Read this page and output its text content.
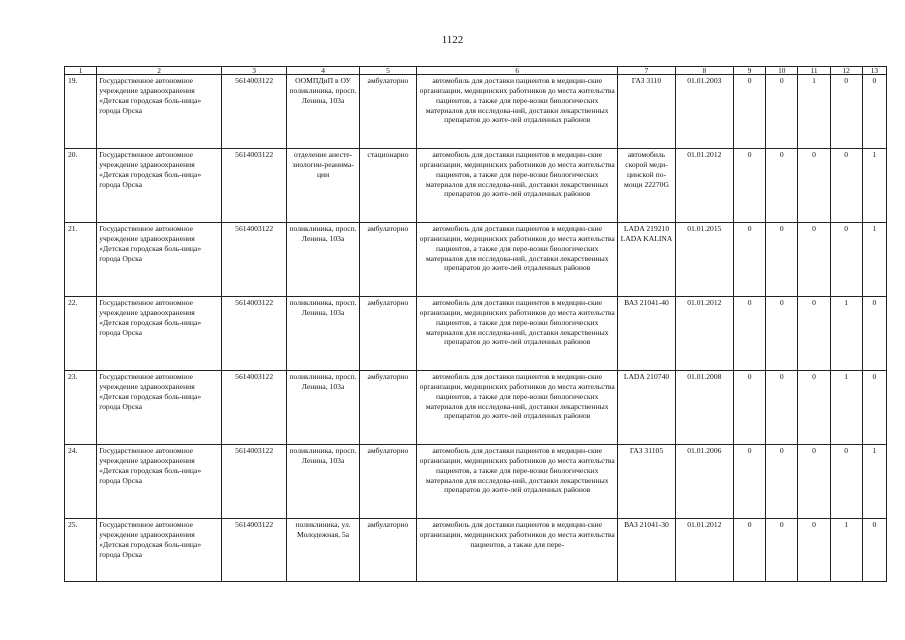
1122
1	2	3	4	5	6	7	8	9	10	11	12	13
19.	Государственное автономное учреждение здравоохранения «Детская городская боль-ница» города Орска	5614003122	ООМПДиП в ОУ поликлиника, просп. Ленина, 103а	амбулаторно	автомобиль для доставки пациентов в медицин-ские организации, медицинских работников до места жительства пациентов, а также для пере-возки биологических материалов для исследова-ний, доставки лекарственных препаратов до жите-лей отдаленных районов	ГАЗ 3110	01.01.2003	0	0	1	0	0
20.	Государственное автономное учреждение здравоохранения «Детская городская боль-ница» города Орска	5614003122	отделение анесте-зиологии-реанима-ции	стационарно	автомобиль для доставки пациентов в медицин-ские организации, медицинских работников до места жительства пациентов, а также для пере-возки биологических материалов для исследова-ний, доставки лекарственных препаратов до жите-лей отдаленных районов	автомобиль скорой меди-цинской по-мощи 22270G	01.01.2012	0	0	0	0	1
21.	Государственное автономное учреждение здравоохранения «Детская городская боль-ница» города Орска	5614003122	поликлиника, просп. Ленина, 103а	амбулаторно	автомобиль для доставки пациентов в медицин-ские организации, медицинских работников до места жительства пациентов, а также для пере-возки биологических материалов для исследова-ний, доставки лекарственных препаратов до жите-лей отдаленных районов	LADA 219210 LADA KALINA	01.01.2015	0	0	0	0	1
22.	Государственное автономное учреждение здравоохранения «Детская городская боль-ница» города Орска	5614003122	поликлиника, просп. Ленина, 103а	амбулаторно	автомобиль для доставки пациентов в медицин-ские организации, медицинских работников до места жительства пациентов, а также для пере-возки биологических материалов для исследова-ний, доставки лекарственных препаратов до жите-лей отдаленных районов	ВАЗ 21041-40	01.01.2012	0	0	0	1	0
23.	Государственное автономное учреждение здравоохранения «Детская городская боль-ница» города Орска	5614003122	поликлиника, просп. Ленина, 103а	амбулаторно	автомобиль для доставки пациентов в медицин-ские организации, медицинских работников до места жительства пациентов, а также для пере-возки биологических материалов для исследова-ний, доставки лекарственных препаратов до жите-лей отдаленных районов	LADA 210740	01.01.2008	0	0	0	1	0
24.	Государственное автономное учреждение здравоохранения «Детская городская боль-ница» города Орска	5614003122	поликлиника, просп. Ленина, 103а	амбулаторно	автомобиль для доставки пациентов в медицин-ские организации, медицинских работников до места жительства пациентов, а также для пере-возки биологических материалов для исследова-ний, доставки лекарственных препаратов до жите-лей отдаленных районов	ГАЗ 31105	01.01.2006	0	0	0	0	1
25.	Государственное автономное учреждение здравоохранения «Детская городская боль-ница» города Орска	5614003122	поликлиника, ул. Молодежная, 5а	амбулаторно	автомобиль для доставки пациентов в медицин-ские организации, медицинских работников до места жительства пациентов, а также для пере-	ВАЗ 21041-30	01.01.2012	0	0	0	1	0
